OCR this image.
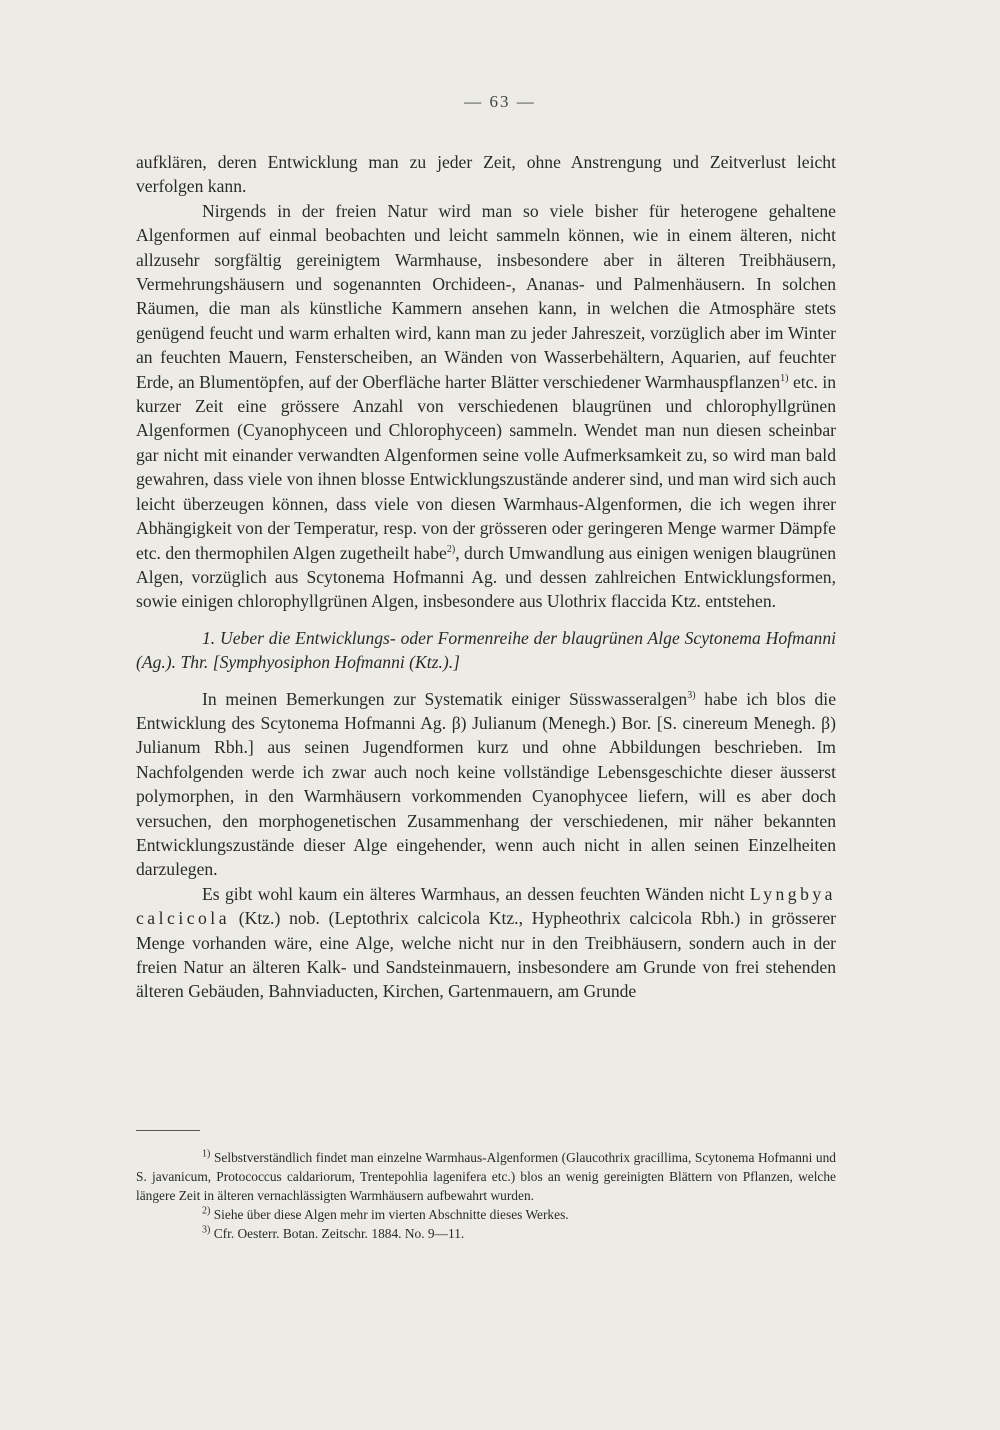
— 63 —

aufklären, deren Entwicklung man zu jeder Zeit, ohne Anstrengung und Zeitverlust leicht verfolgen kann.

Nirgends in der freien Natur wird man so viele bisher für heterogene gehaltene Algenformen auf einmal beobachten und leicht sammeln können, wie in einem älteren, nicht allzusehr sorgfältig gereinigtem Warmhause, insbesondere aber in älteren Treibhäusern, Vermehrungshäusern und sogenannten Orchideen-, Ananas- und Palmenhäusern. In solchen Räumen, die man als künstliche Kammern ansehen kann, in welchen die Atmosphäre stets genügend feucht und warm erhalten wird, kann man zu jeder Jahreszeit, vorzüglich aber im Winter an feuchten Mauern, Fensterscheiben, an Wänden von Wasserbehältern, Aquarien, auf feuchter Erde, an Blumentöpfen, auf der Oberfläche harter Blätter verschiedener Warmhauspflanzen$^{1)}$ etc. in kurzer Zeit eine grössere Anzahl von verschiedenen blaugrünen und chlorophyllgrünen Algenformen (Cyanophyceen und Chlorophyceen) sammeln. Wendet man nun diesen scheinbar gar nicht mit einander verwandten Algenformen seine volle Aufmerksamkeit zu, so wird man bald gewahren, dass viele von ihnen blosse Entwicklungszustände anderer sind, und man wird sich auch leicht überzeugen können, dass viele von diesen Warmhaus-Algenformen, die ich wegen ihrer Abhängigkeit von der Temperatur, resp. von der grösseren oder geringeren Menge warmer Dämpfe etc. den thermophilen Algen zugetheilt habe$^{2)}$, durch Umwandlung aus einigen wenigen blaugrünen Algen, vorzüglich aus Scytonema Hofmanni Ag. und dessen zahlreichen Entwicklungsformen, sowie einigen chlorophyllgrünen Algen, insbesondere aus Ulothrix flaccida Ktz. entstehen.

1. Ueber die Entwicklungs- oder Formenreihe der blaugrünen Alge Scytonema Hofmanni (Ag.). Thr. [Symphyosiphon Hofmanni (Ktz.).]

In meinen Bemerkungen zur Systematik einiger Süsswasseralgen$^{3)}$ habe ich blos die Entwicklung des Scytonema Hofmanni Ag. β) Julianum (Menegh.) Bor. [S. cinereum Menegh. β) Julianum Rbh.] aus seinen Jugendformen kurz und ohne Abbildungen beschrieben. Im Nachfolgenden werde ich zwar auch noch keine vollständige Lebensgeschichte dieser äusserst polymorphen, in den Warmhäusern vorkommenden Cyanophycee liefern, will es aber doch versuchen, den morphogenetischen Zusammenhang der verschiedenen, mir näher bekannten Entwicklungszustände dieser Alge eingehender, wenn auch nicht in allen seinen Einzelheiten darzulegen.

Es gibt wohl kaum ein älteres Warmhaus, an dessen feuchten Wänden nicht Lyngbya calcicola (Ktz.) nob. (Leptothrix calcicola Ktz., Hypheothrix calcicola Rbh.) in grösserer Menge vorhanden wäre, eine Alge, welche nicht nur in den Treibhäusern, sondern auch in der freien Natur an älteren Kalk- und Sandsteinmauern, insbesondere am Grunde von frei stehenden älteren Gebäuden, Bahnviaducten, Kirchen, Gartenmauern, am Grunde

$^{1)}$ Selbstverständlich findet man einzelne Warmhaus-Algenformen (Glaucothrix gracillima, Scytonema Hofmanni und S. javanicum, Protococcus caldariorum, Trentepohlia lagenifera etc.) blos an wenig gereinigten Blättern von Pflanzen, welche längere Zeit in älteren vernachlässigten Warmhäusern aufbewahrt wurden.

$^{2)}$ Siehe über diese Algen mehr im vierten Abschnitte dieses Werkes.

$^{3)}$ Cfr. Oesterr. Botan. Zeitschr. 1884. No. 9—11.
